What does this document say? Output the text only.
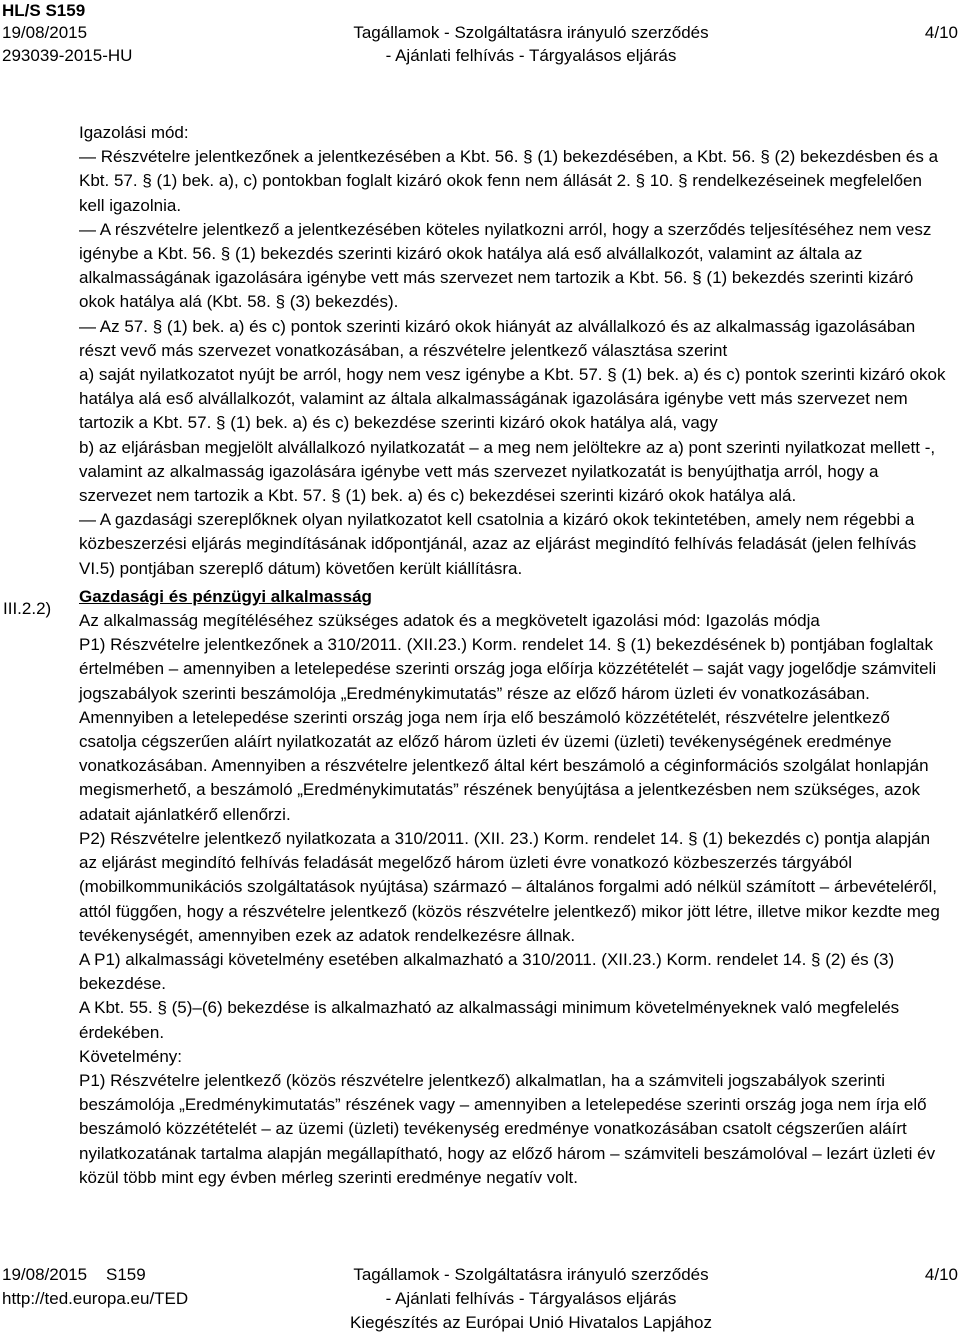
HL/S S159
19/08/2015
293039-2015-HU
Tagállamok - Szolgáltatásra irányuló szerződés
- Ajánlati felhívás - Tárgyalásos eljárás
4/10

Igazolási mód:

— Részvételre jelentkezőnek a jelentkezésében a Kbt. 56. § (1) bekezdésében, a Kbt. 56. § (2) bekezdésben és a Kbt. 57. § (1) bek. a), c) pontokban foglalt kizáró okok fenn nem állását 2. § 10. § rendelkezéseinek megfelelően kell igazolnia.

— A részvételre jelentkező a jelentkezésében köteles nyilatkozni arról, hogy a szerződés teljesítéséhez nem vesz igénybe a Kbt. 56. § (1) bekezdés szerinti kizáró okok hatálya alá eső alvállalkozót, valamint az általa az alkalmasságának igazolására igénybe vett más szervezet nem tartozik a Kbt. 56. § (1) bekezdés szerinti kizáró okok hatálya alá (Kbt. 58. § (3) bekezdés).

— Az 57. § (1) bek. a) és c) pontok szerinti kizáró okok hiányát az alvállalkozó és az alkalmasság igazolásában részt vevő más szervezet vonatkozásában, a részvételre jelentkező választása szerint

a) saját nyilatkozatot nyújt be arról, hogy nem vesz igénybe a Kbt. 57. § (1) bek. a) és c) pontok szerinti kizáró okok hatálya alá eső alvállalkozót, valamint az általa alkalmasságának igazolására igénybe vett más szervezet nem tartozik a Kbt. 57. § (1) bek. a) és c) bekezdése szerinti kizáró okok hatálya alá, vagy

b) az eljárásban megjelölt alvállalkozó nyilatkozatát – a meg nem jelöltekre az a) pont szerinti nyilatkozat mellett -, valamint az alkalmasság igazolására igénybe vett más szervezet nyilatkozatát is benyújthatja arról, hogy a szervezet nem tartozik a Kbt. 57. § (1) bek. a) és c) bekezdései szerinti kizáró okok hatálya alá.

— A gazdasági szereplőknek olyan nyilatkozatot kell csatolnia a kizáró okok tekintetében, amely nem régebbi a közbeszerzési eljárás megindításának időpontjánál, azaz az eljárást megindító felhívás feladását (jelen felhívás VI.5) pontjában szereplő dátum) követően került kiállításra.

Gazdasági és pénzügyi alkalmasság

Az alkalmasság megítéléséhez szükséges adatok és a megkövetelt igazolási mód: Igazolás módja

P1) Részvételre jelentkezőnek a 310/2011. (XII.23.) Korm. rendelet 14. § (1) bekezdésének b) pontjában foglaltak értelmében – amennyiben a letelepedése szerinti ország joga előírja közzétételét – saját vagy jogelődje számviteli jogszabályok szerinti beszámolója „Eredménykimutatás” része az előző három üzleti év vonatkozásában. Amennyiben a letelepedése szerinti ország joga nem írja elő beszámoló közzétételét, részvételre jelentkező csatolja cégszerűen aláírt nyilatkozatát az előző három üzleti év üzemi (üzleti) tevékenységének eredménye vonatkozásában. Amennyiben a részvételre jelentkező által kért beszámoló a céginformációs szolgálat honlapján megismerhető, a beszámoló „Eredménykimutatás” részének benyújtása a jelentkezésben nem szükséges, azok adatait ajánlatkérő ellenőrzi.

P2) Részvételre jelentkező nyilatkozata a 310/2011. (XII. 23.) Korm. rendelet 14. § (1) bekezdés c) pontja alapján az eljárást megindító felhívás feladását megelőző három üzleti évre vonatkozó közbeszerzés tárgyából (mobilkommunikációs szolgáltatások nyújtása) származó – általános forgalmi adó nélkül számított – árbevételéről, attól függően, hogy a részvételre jelentkező (közös részvételre jelentkező) mikor jött létre, illetve mikor kezdte meg tevékenységét, amennyiben ezek az adatok rendelkezésre állnak.

A P1) alkalmassági követelmény esetében alkalmazható a 310/2011. (XII.23.) Korm. rendelet 14. § (2) és (3) bekezdése.

A Kbt. 55. § (5)–(6) bekezdése is alkalmazható az alkalmassági minimum követelményeknek való megfelelés érdekében.

Követelmény:

P1) Részvételre jelentkező (közös részvételre jelentkező) alkalmatlan, ha a számviteli jogszabályok szerinti beszámolója „Eredménykimutatás” részének vagy – amennyiben a letelepedése szerinti ország joga nem írja elő beszámoló közzétételét – az üzemi (üzleti) tevékenység eredménye vonatkozásában csatolt cégszerűen aláírt nyilatkozatának tartalma alapján megállapítható, hogy az előző három – számviteli beszámolóval – lezárt üzleti év közül több mint egy évben mérleg szerinti eredménye negatív volt.

III.2.2)
19/08/2015 S159
http://ted.europa.eu/TED
Tagállamok - Szolgáltatásra irányuló szerződés
- Ajánlati felhívás - Tárgyalásos eljárás
Kiegészítés az Európai Unió Hivatalos Lapjához
4/10
